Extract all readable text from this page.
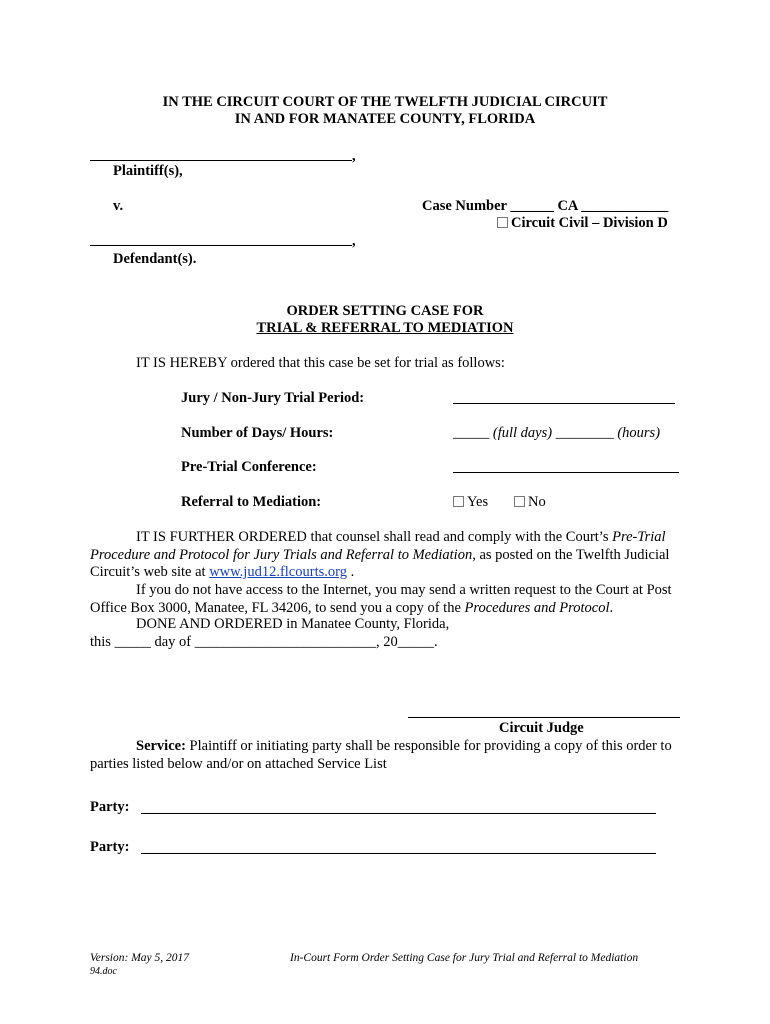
IN THE CIRCUIT COURT OF THE TWELFTH JUDICIAL CIRCUIT
IN AND FOR MANATEE COUNTY, FLORIDA
,
Plaintiff(s),
v.	Case Number ______ CA ____________
Circuit Civil – Division D
,
Defendant(s).
ORDER SETTING CASE FOR
TRIAL & REFERRAL TO MEDIATION
IT IS HEREBY ordered that this case be set for trial as follows:
Jury / Non-Jury Trial Period:
Number of Days/ Hours:	_____ (full days) ________ (hours)
Pre-Trial Conference:
Referral to Mediation:	Yes	No
IT IS FURTHER ORDERED that counsel shall read and comply with the Court’s Pre-Trial Procedure and Protocol for Jury Trials and Referral to Mediation, as posted on the Twelfth Judicial Circuit’s web site at www.jud12.flcourts.org .
If you do not have access to the Internet, you may send a written request to the Court at Post Office Box 3000, Manatee, FL 34206, to send you a copy of the Procedures and Protocol.
DONE AND ORDERED in Manatee County, Florida,
this _____ day of _________________________, 20_____.
Circuit Judge
Service: Plaintiff or initiating party shall be responsible for providing a copy of this order to parties listed below and/or on attached Service List
Party:
Party:
Version: May 5, 2017
94.doc
In-Court Form Order Setting Case for Jury Trial and Referral to Mediation
